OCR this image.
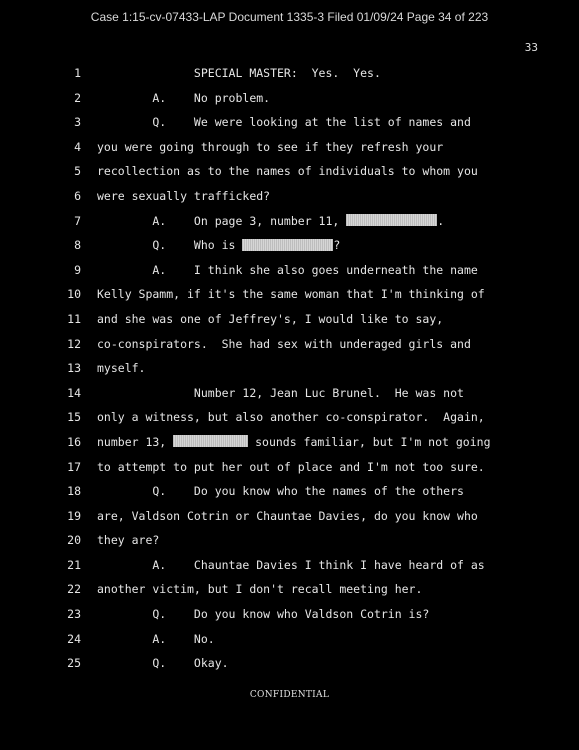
Case 1:15-cv-07433-LAP Document 1335-3 Filed 01/09/24 Page 34 of 223
33
1 SPECIAL MASTER:  Yes.  Yes.
2 A.    No problem.
3 Q.    We were looking at the list of names and
4 you were going through to see if they refresh your
5 recollection as to the names of individuals to whom you
6 were sexually trafficked?
7 A.    On page 3, number 11,	.
8 Q.    Who is	?
9 A.    I think she also goes underneath the name
10 Kelly Spamm, if it's the same woman that I'm thinking of
11 and she was one of Jeffrey's, I would like to say,
12 co-conspirators.  She had sex with underaged girls and
13 myself.
14 Number 12, Jean Luc Brunel.  He was not
15 only a witness, but also another co-conspirator.  Again,
16 number 13,	sounds familiar, but I'm not going
17 to attempt to put her out of place and I'm not too sure.
18 Q.    Do you know who the names of the others
19 are, Valdson Cotrin or Chauntae Davies, do you know who
20 they are?
21 A.    Chauntae Davies I think I have heard of as
22 another victim, but I don't recall meeting her.
23 Q.    Do you know who Valdson Cotrin is?
24 A.    No.
25 Q.    Okay.
CONFIDENTIAL
